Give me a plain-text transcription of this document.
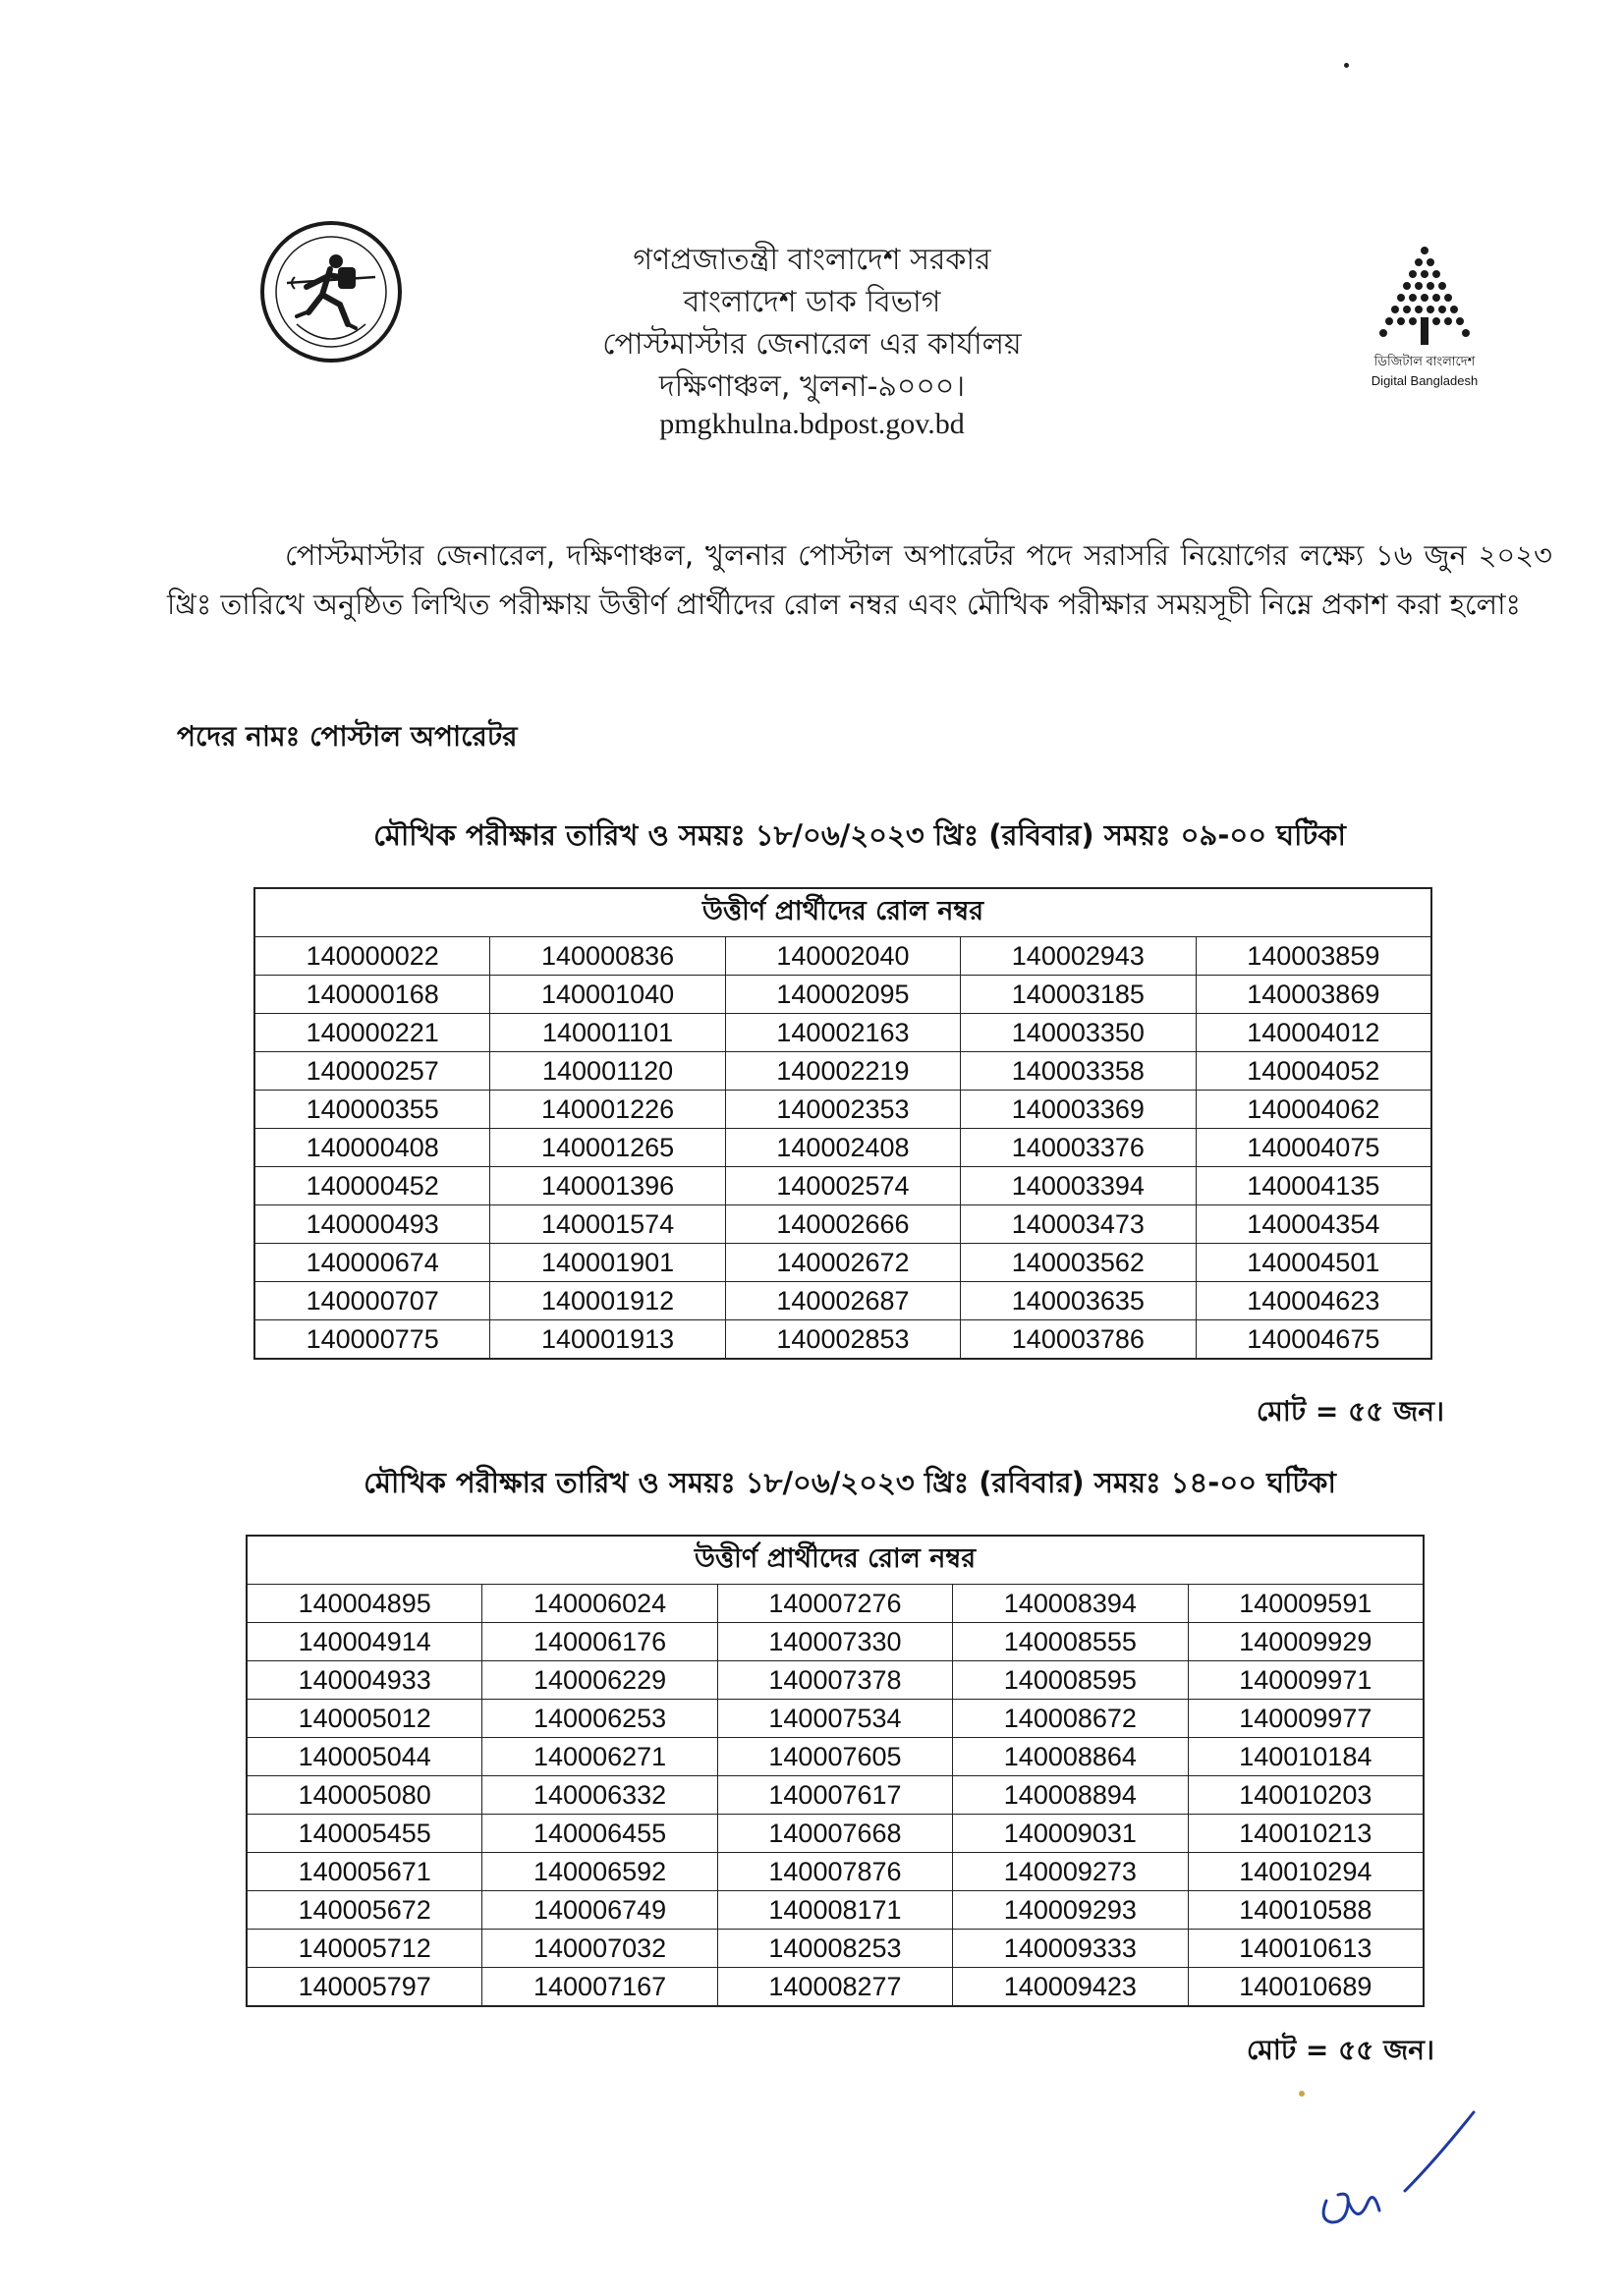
ডিজিটাল বাংলাদেশ
Digital Bangladesh
গণপ্রজাতন্ত্রী বাংলাদেশ সরকার
বাংলাদেশ ডাক বিভাগ
পোস্টমাস্টার জেনারেল এর কার্যালয়
দক্ষিণাঞ্চল, খুলনা-৯০০০।
pmgkhulna.bdpost.gov.bd
পোস্টমাস্টার জেনারেল, দক্ষিণাঞ্চল, খুলনার পোস্টাল অপারেটর পদে সরাসরি নিয়োগের লক্ষ্যে ১৬ জুন ২০২৩ খ্রিঃ তারিখে অনুষ্ঠিত লিখিত পরীক্ষায় উত্তীর্ণ প্রার্থীদের রোল নম্বর এবং মৌখিক পরীক্ষার সময়সূচী নিম্নে প্রকাশ করা হলোঃ
পদের নামঃ পোস্টাল অপারেটর
মৌখিক পরীক্ষার তারিখ ও সময়ঃ ১৮/০৬/২০২৩ খ্রিঃ (রবিবার) সময়ঃ ০৯-০০ ঘটিকা
উত্তীর্ণ প্রার্থীদের রোল নম্বর				
140000022	140000836	140002040	140002943	140003859
140000168	140001040	140002095	140003185	140003869
140000221	140001101	140002163	140003350	140004012
140000257	140001120	140002219	140003358	140004052
140000355	140001226	140002353	140003369	140004062
140000408	140001265	140002408	140003376	140004075
140000452	140001396	140002574	140003394	140004135
140000493	140001574	140002666	140003473	140004354
140000674	140001901	140002672	140003562	140004501
140000707	140001912	140002687	140003635	140004623
140000775	140001913	140002853	140003786	140004675
মোট = ৫৫ জন।
মৌখিক পরীক্ষার তারিখ ও সময়ঃ ১৮/০৬/২০২৩ খ্রিঃ (রবিবার) সময়ঃ ১৪-০০ ঘটিকা
উত্তীর্ণ প্রার্থীদের রোল নম্বর				
140004895	140006024	140007276	140008394	140009591
140004914	140006176	140007330	140008555	140009929
140004933	140006229	140007378	140008595	140009971
140005012	140006253	140007534	140008672	140009977
140005044	140006271	140007605	140008864	140010184
140005080	140006332	140007617	140008894	140010203
140005455	140006455	140007668	140009031	140010213
140005671	140006592	140007876	140009273	140010294
140005672	140006749	140008171	140009293	140010588
140005712	140007032	140008253	140009333	140010613
140005797	140007167	140008277	140009423	140010689
মোট = ৫৫ জন।
